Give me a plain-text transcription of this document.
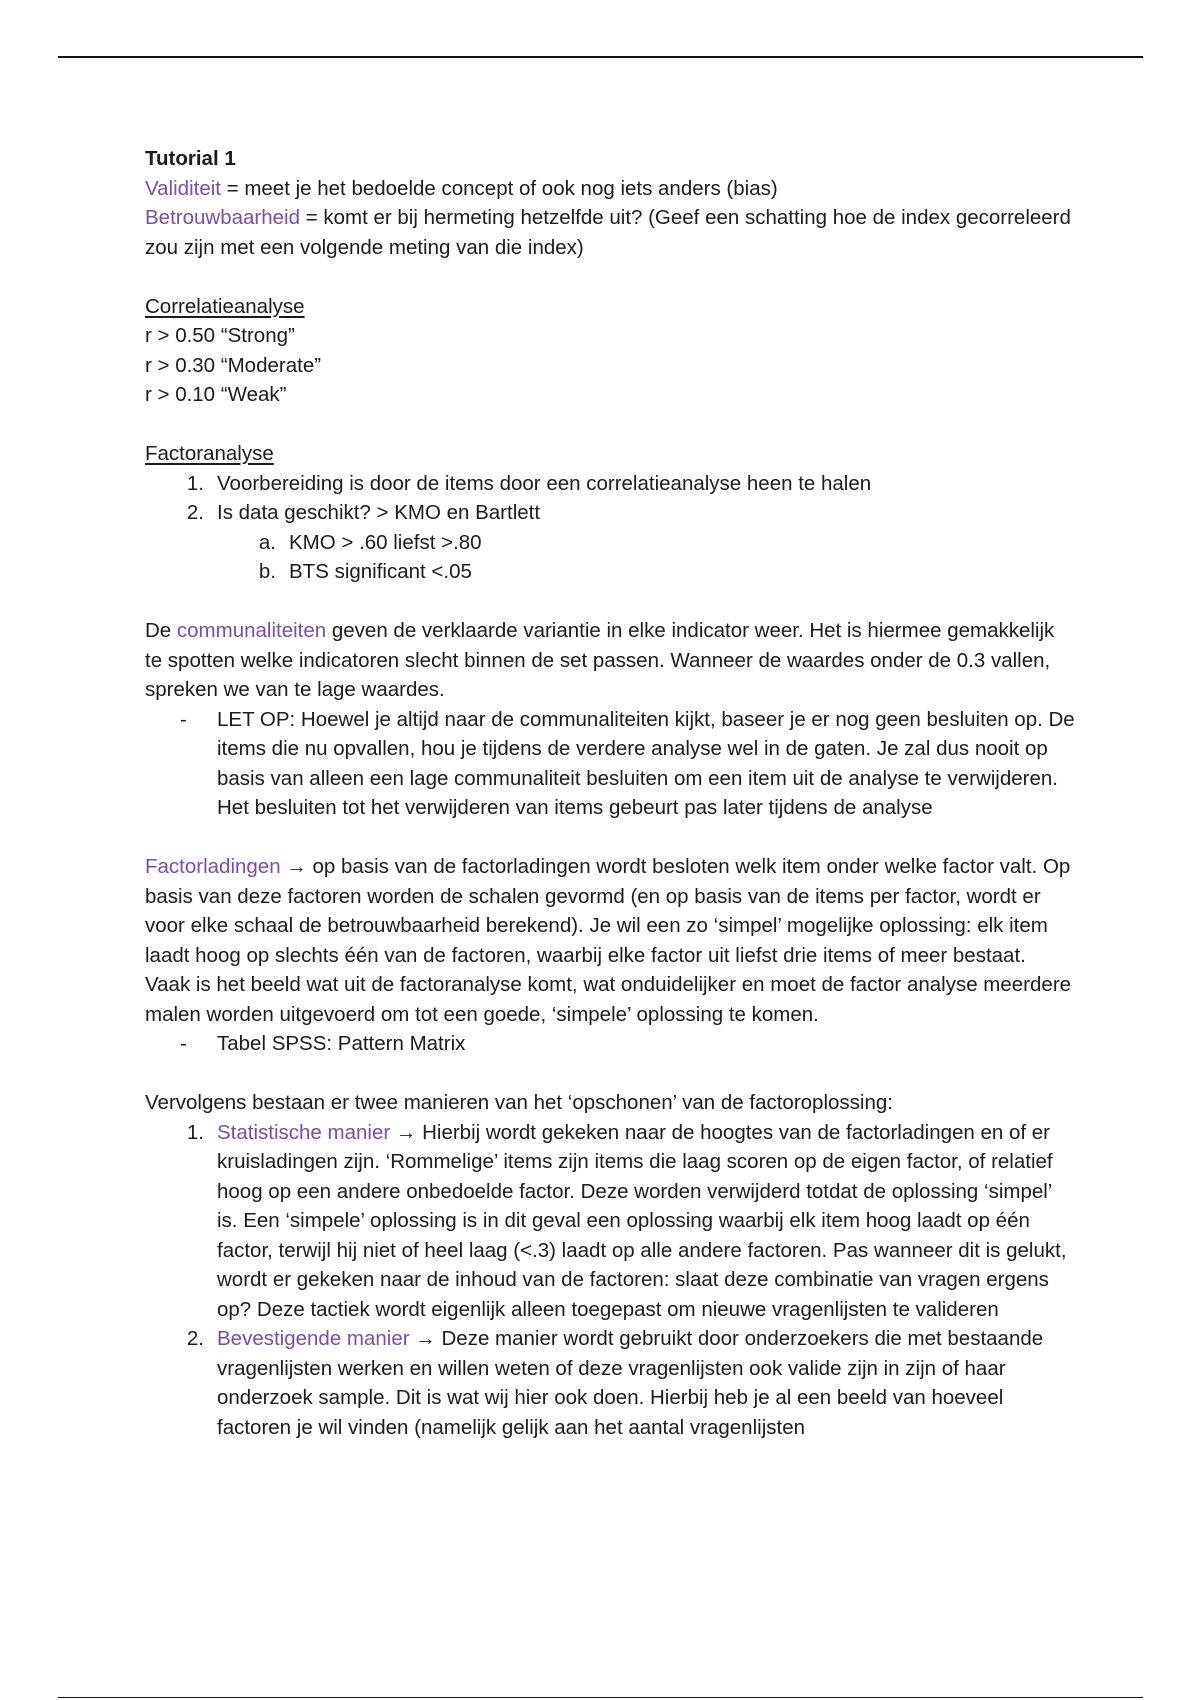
Tutorial 1

Validiteit = meet je het bedoelde concept of ook nog iets anders (bias)

Betrouwbaarheid = komt er bij hermeting hetzelfde uit? (Geef een schatting hoe de index gecorreleerd zou zijn met een volgende meting van die index)

Correlatieanalyse

r > 0.50 “Strong”

r > 0.30 “Moderate”

r > 0.10 “Weak”

Factoranalyse

1. Voorbereiding is door de items door een correlatieanalyse heen te halen
2. Is data geschikt? > KMO en Bartlett
a. KMO > .60 liefst >.80
b. BTS significant <.05

De communaliteiten geven de verklaarde variantie in elke indicator weer. Het is hiermee gemakkelijk te spotten welke indicatoren slecht binnen de set passen. Wanneer de waardes onder de 0.3 vallen, spreken we van te lage waardes.

-	LET OP: Hoewel je altijd naar de communaliteiten kijkt, baseer je er nog geen besluiten op. De items die nu opvallen, hou je tijdens de verdere analyse wel in de gaten. Je zal dus nooit op basis van alleen een lage communaliteit besluiten om een item uit de analyse te verwijderen. Het besluiten tot het verwijderen van items gebeurt pas later tijdens de analyse

Factorladingen → op basis van de factorladingen wordt besloten welk item onder welke factor valt. Op basis van deze factoren worden de schalen gevormd (en op basis van de items per factor, wordt er voor elke schaal de betrouwbaarheid berekend). Je wil een zo ‘simpel’ mogelijke oplossing: elk item laadt hoog op slechts één van de factoren, waarbij elke factor uit liefst drie items of meer bestaat. Vaak is het beeld wat uit de factoranalyse komt, wat onduidelijker en moet de factor analyse meerdere malen worden uitgevoerd om tot een goede, ‘simpele’ oplossing te komen.

-	Tabel SPSS: Pattern Matrix

Vervolgens bestaan er twee manieren van het ‘opschonen’ van de factoroplossing:

1. Statistische manier → Hierbij wordt gekeken naar de hoogtes van de factorladingen en of er kruisladingen zijn. ‘Rommelige’ items zijn items die laag scoren op de eigen factor, of relatief hoog op een andere onbedoelde factor. Deze worden verwijderd totdat de oplossing ‘simpel’ is. Een ‘simpele’ oplossing is in dit geval een oplossing waarbij elk item hoog laadt op één factor, terwijl hij niet of heel laag (<.3) laadt op alle andere factoren. Pas wanneer dit is gelukt, wordt er gekeken naar de inhoud van de factoren: slaat deze combinatie van vragen ergens op? Deze tactiek wordt eigenlijk alleen toegepast om nieuwe vragenlijsten te valideren
2. Bevestigende manier → Deze manier wordt gebruikt door onderzoekers die met bestaande vragenlijsten werken en willen weten of deze vragenlijsten ook valide zijn in zijn of haar onderzoek sample. Dit is wat wij hier ook doen. Hierbij heb je al een beeld van hoeveel factoren je wil vinden (namelijk gelijk aan het aantal vragenlijsten
